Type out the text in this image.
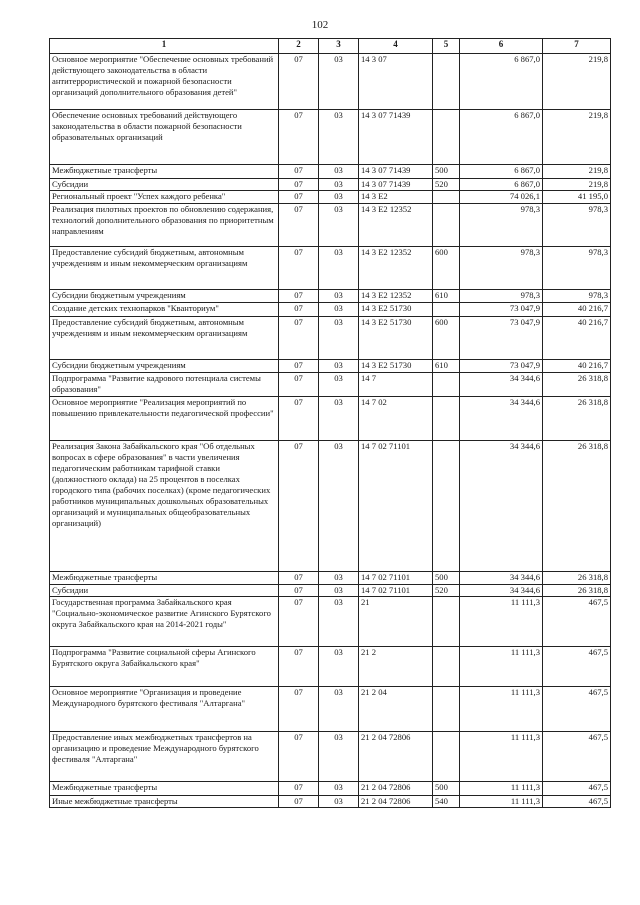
102
1	2	3	4	5	6	7
Основное мероприятие "Обеспечение основных требований действующего законодательства в области антитеррористической и пожарной безопасности организаций дополнительного образования детей"	07	03	14 3 07		6 867,0	219,8
Обеспечение основных требований действующего законодательства в области пожарной безопасности образовательных организаций	07	03	14 3 07 71439		6 867,0	219,8
Межбюджетные трансферты	07	03	14 3 07 71439	500	6 867,0	219,8
Субсидии	07	03	14 3 07 71439	520	6 867,0	219,8
Региональный проект "Успех каждого ребенка"	07	03	14 3 E2		74 026,1	41 195,0
Реализация пилотных проектов по обновлению содержания, технологий дополнительного образования по приоритетным направлениям	07	03	14 3 E2 12352		978,3	978,3
Предоставление субсидий бюджетным, автономным учреждениям и иным некоммерческим организациям	07	03	14 3 E2 12352	600	978,3	978,3
Субсидии бюджетным учреждениям	07	03	14 3 E2 12352	610	978,3	978,3
Создание детских технопарков "Кванториум"	07	03	14 3 E2 51730		73 047,9	40 216,7
Предоставление субсидий бюджетным, автономным учреждениям и иным некоммерческим организациям	07	03	14 3 E2 51730	600	73 047,9	40 216,7
Субсидии бюджетным учреждениям	07	03	14 3 E2 51730	610	73 047,9	40 216,7
Подпрограмма "Развитие кадрового потенциала системы образования"	07	03	14 7		34 344,6	26 318,8
Основное мероприятие "Реализация мероприятий по повышению привлекательности педагогической профессии"	07	03	14 7 02		34 344,6	26 318,8
Реализация Закона Забайкальского края "Об отдельных вопросах в сфере образования" в части увеличения педагогическим работникам тарифной ставки (должностного оклада) на 25 процентов в поселках городского типа (рабочих поселках) (кроме педагогических работников муниципальных дошкольных образовательных организаций и муниципальных общеобразовательных организаций)	07	03	14 7 02 71101		34 344,6	26 318,8
Межбюджетные трансферты	07	03	14 7 02 71101	500	34 344,6	26 318,8
Субсидии	07	03	14 7 02 71101	520	34 344,6	26 318,8
Государственная программа Забайкальского края "Социально-экономическое развитие Агинского Бурятского округа Забайкальского края на 2014-2021 годы"	07	03	21		11 111,3	467,5
Подпрограмма "Развитие социальной сферы Агинского Бурятского округа Забайкальского края"	07	03	21 2		11 111,3	467,5
Основное мероприятие "Организация и проведение Международного бурятского фестиваля "Алтаргана"	07	03	21 2 04		11 111,3	467,5
Предоставление иных межбюджетных трансфертов на организацию и проведение Международного бурятского фестиваля "Алтаргана"	07	03	21 2 04 72806		11 111,3	467,5
Межбюджетные трансферты	07	03	21 2 04 72806	500	11 111,3	467,5
Иные межбюджетные трансферты	07	03	21 2 04 72806	540	11 111,3	467,5
